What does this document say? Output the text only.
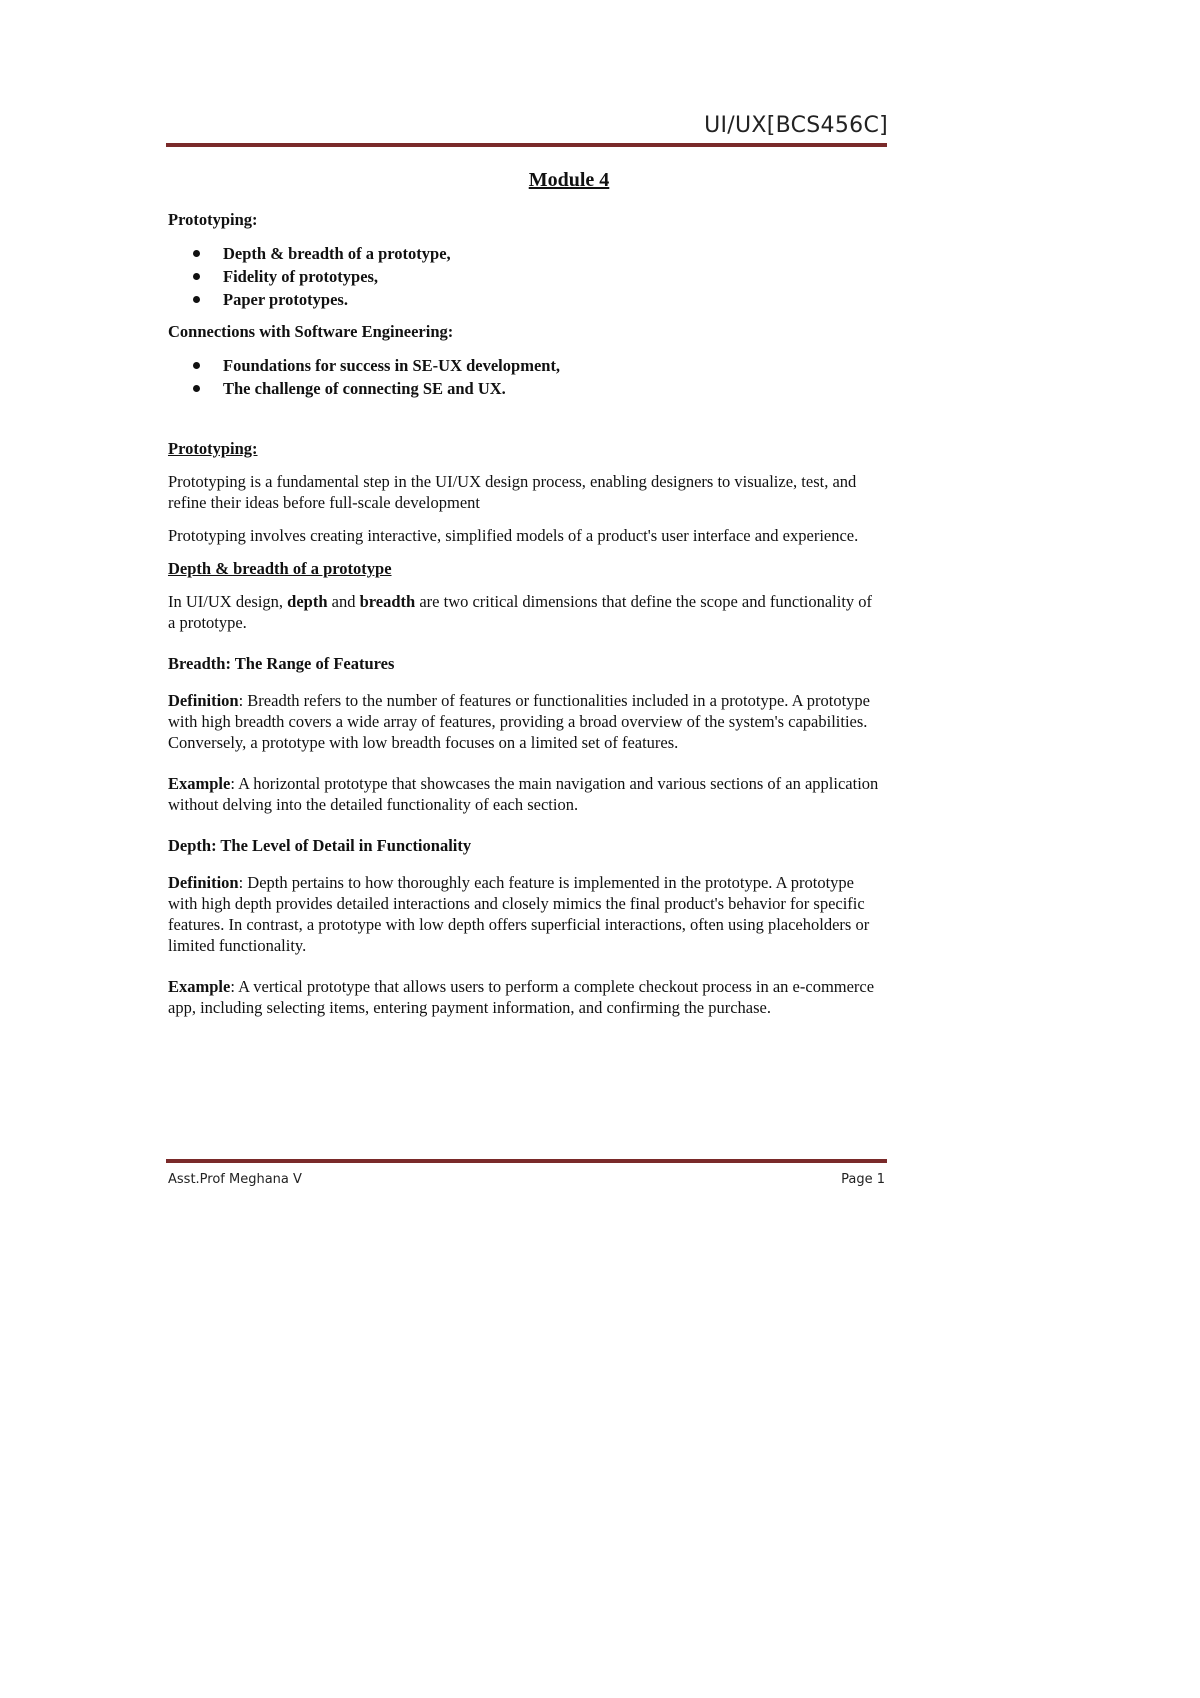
UI/UX[BCS456C]
Module 4
Prototyping:
Depth & breadth of a prototype,
Fidelity of prototypes,
Paper prototypes.
Connections with Software Engineering:
Foundations for success in SE-UX development,
The challenge of connecting SE and UX.
Prototyping:

Prototyping is a fundamental step in the UI/UX design process, enabling designers to visualize, test, and refine their ideas before full-scale development

Prototyping involves creating interactive, simplified models of a product's user interface and experience.

Depth & breadth of a prototype

In UI/UX design, depth and breadth are two critical dimensions that define the scope and functionality of a prototype.

Breadth: The Range of Features

Definition: Breadth refers to the number of features or functionalities included in a prototype. A prototype with high breadth covers a wide array of features, providing a broad overview of the system's capabilities. Conversely, a prototype with low breadth focuses on a limited set of features.

Example: A horizontal prototype that showcases the main navigation and various sections of an application without delving into the detailed functionality of each section.

Depth: The Level of Detail in Functionality

Definition: Depth pertains to how thoroughly each feature is implemented in the prototype. A prototype with high depth provides detailed interactions and closely mimics the final product's behavior for specific features. In contrast, a prototype with low depth offers superficial interactions, often using placeholders or limited functionality.

Example: A vertical prototype that allows users to perform a complete checkout process in an e-commerce app, including selecting items, entering payment information, and confirming the purchase.

Asst.Prof Meghana V	Page 1
